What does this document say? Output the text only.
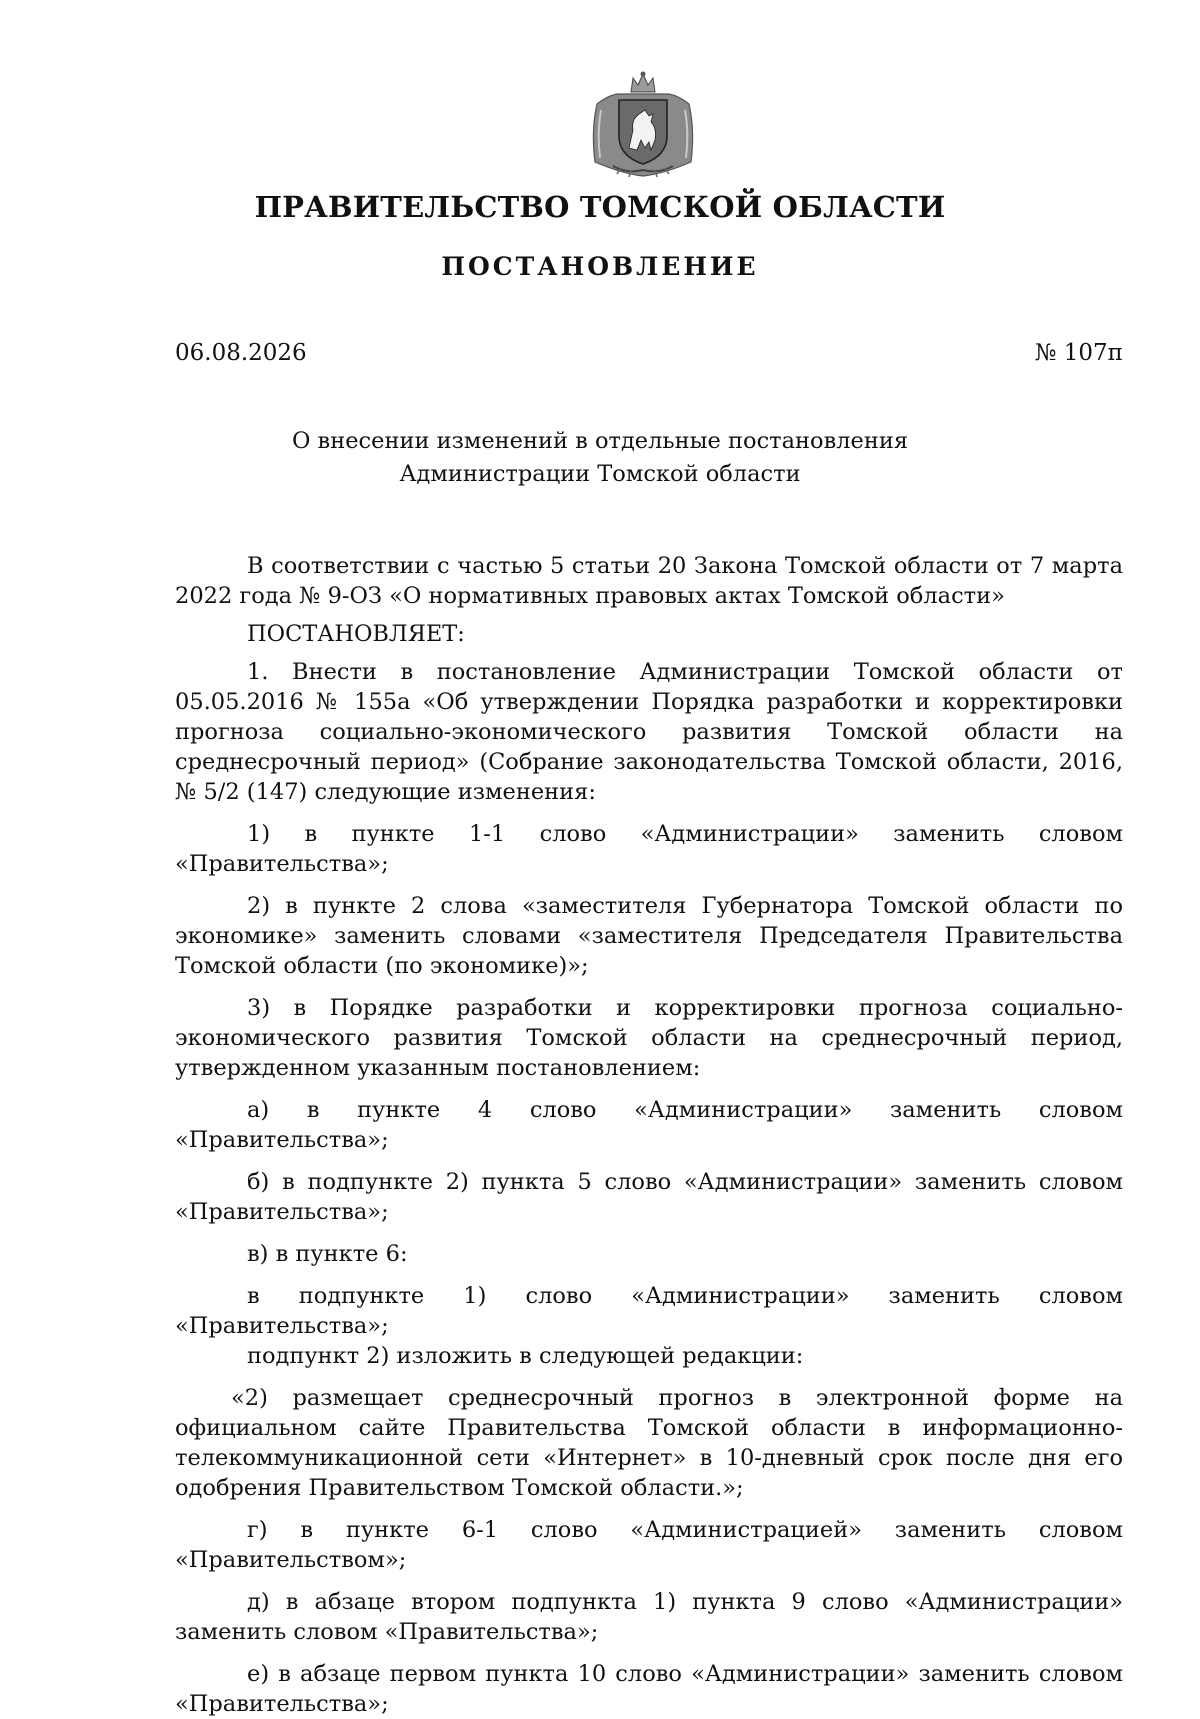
ПРАВИТЕЛЬСТВО ТОМСКОЙ ОБЛАСТИ
ПОСТАНОВЛЕНИЕ
06.08.2026	№ 107п
О внесении изменений в отдельные постановления
Администрации Томской области

В соответствии с частью 5 статьи 20 Закона Томской области от 7 марта 2022 года № 9-ОЗ «О нормативных правовых актах Томской области»

ПОСТАНОВЛЯЕТ:

1. Внести в постановление Администрации Томской области от 05.05.2016 № 155а «Об утверждении Порядка разработки и корректировки прогноза социально-экономического развития Томской области на среднесрочный период» (Собрание законодательства Томской области, 2016, № 5/2 (147) следующие изменения:

1) в пункте 1-1 слово «Администрации» заменить словом «Правительства»;

2) в пункте 2 слова «заместителя Губернатора Томской области по экономике» заменить словами «заместителя Председателя Правительства Томской области (по экономике)»;

3) в Порядке разработки и корректировки прогноза социально-экономического развития Томской области на среднесрочный период, утвержденном указанным постановлением:

а) в пункте 4 слово «Администрации» заменить словом «Правительства»;

б) в подпункте 2) пункта 5 слово «Администрации» заменить словом «Правительства»;

в) в пункте 6:

в подпункте 1) слово «Администрации» заменить словом «Правительства»;

подпункт 2) изложить в следующей редакции:

«2) размещает среднесрочный прогноз в электронной форме на официальном сайте Правительства Томской области в информационно-телекоммуникационной сети «Интернет» в 10-дневный срок после дня его одобрения Правительством Томской области.»;

г) в пункте 6-1 слово «Администрацией» заменить словом «Правительством»;

д) в абзаце втором подпункта 1) пункта 9 слово «Администрации» заменить словом «Правительства»;

е) в абзаце первом пункта 10 слово «Администрации» заменить словом «Правительства»;
